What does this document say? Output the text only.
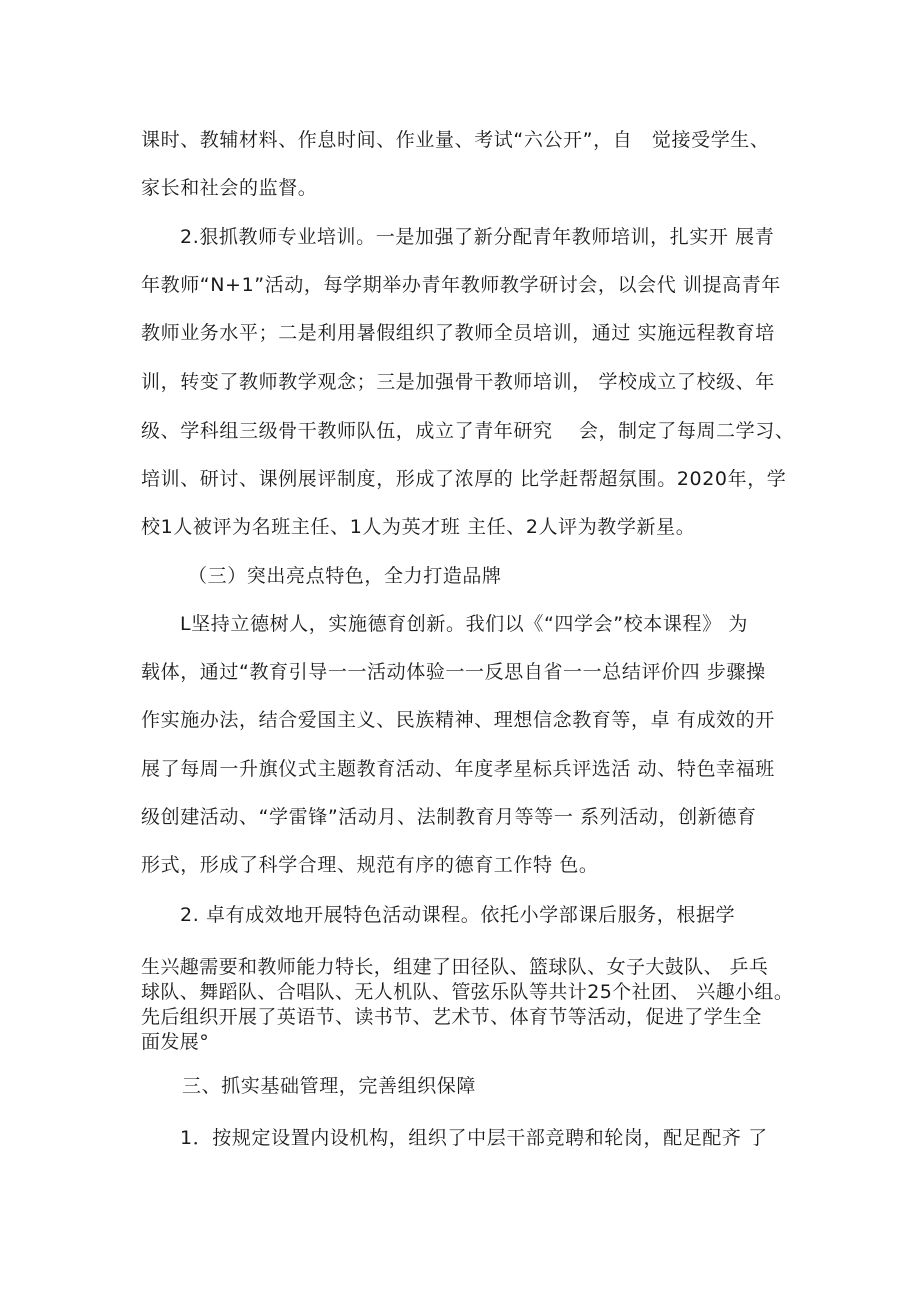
课时、教辅材料、作息时间、作业量、考试“六公开”，自　觉接受学生、
家长和社会的监督。
2.狠抓教师专业培训。一是加强了新分配青年教师培训，扎实开 展青
年教师“N+1”活动，每学期举办青年教师教学研讨会，以会代 训提高青年
教师业务水平；二是利用暑假组织了教师全员培训，通过 实施远程教育培
训，转变了教师教学观念；三是加强骨干教师培训， 学校成立了校级、年
级、学科组三级骨干教师队伍，成立了青年研究　 会，制定了每周二学习、
培训、研讨、课例展评制度，形成了浓厚的 比学赶帮超氛围。2020年，学
校1人被评为名班主任、1人为英才班 主任、2人评为教学新星。
（三）突出亮点特色，全力打造品牌
L坚持立德树人，实施德育创新。我们以《“四学会”校本课程》 为
载体，通过“教育引导一一活动体验一一反思自省一一总结评价四 步骤操
作实施办法，结合爱国主义、民族精神、理想信念教育等，卓 有成效的开
展了每周一升旗仪式主题教育活动、年度孝星标兵评选活 动、特色幸福班
级创建活动、“学雷锋”活动月、法制教育月等等一 系列活动，创新德育
形式，形成了科学合理、规范有序的德育工作特 色。
2. 卓有成效地开展特色活动课程。依托小学部课后服务，根据学
生兴趣需要和教师能力特长，组建了田径队、篮球队、女子大鼓队、 乒乓
球队、舞蹈队、合唱队、无人机队、管弦乐队等共计25个社团、 兴趣小组。
先后组织开展了英语节、读书节、艺术节、体育节等活动，促进了学生全
面发展°
三、抓实基础管理，完善组织保障
1．按规定设置内设机构，组织了中层干部竞聘和轮岗，配足配齐 了
